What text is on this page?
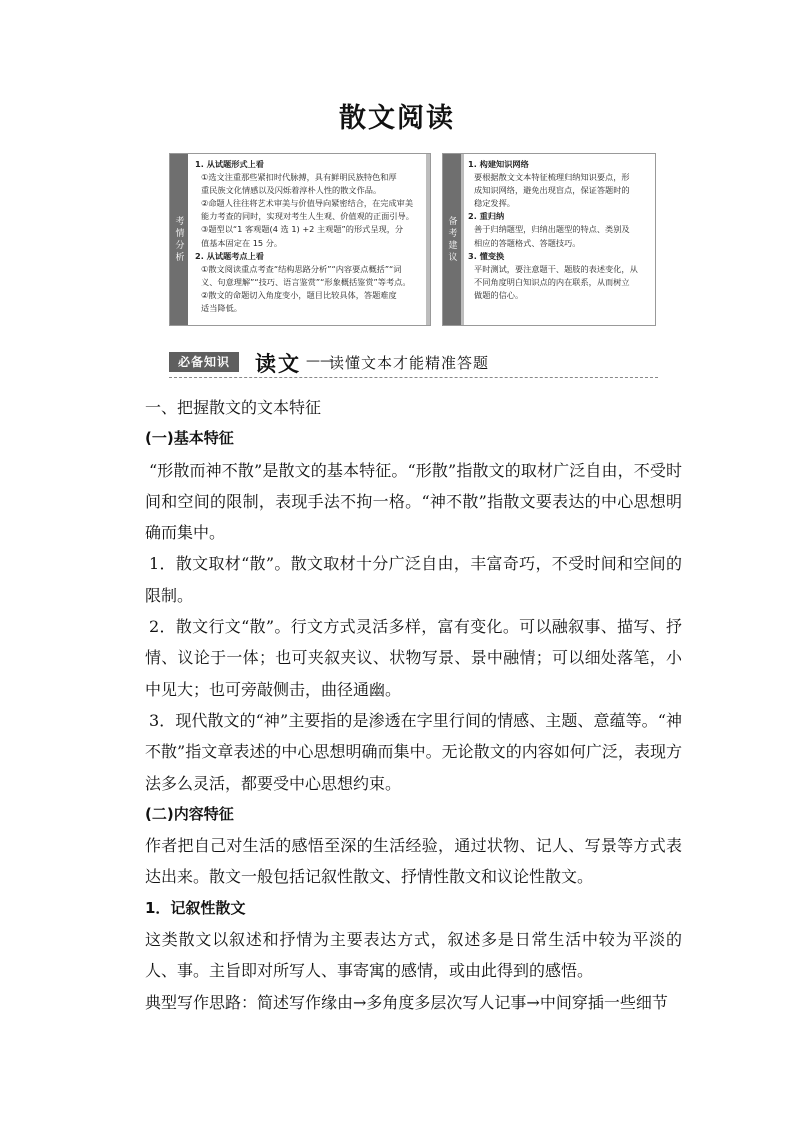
散文阅读
考情分析
1. 从试题形式上看
①选文注重那些紧扣时代脉搏，具有鲜明民族特色和厚
重民族文化情感以及闪烁着淳朴人性的散文作品。
②命题人往往将艺术审美与价值导向紧密结合，在完成审美
能力考查的同时，实现对考生人生观、价值观的正面引导。
③题型以“1 客观题(4 选 1) +2 主观题”的形式呈现，分
值基本固定在 15 分。
2. 从试题考点上看
①散文阅读重点考查“结构思路分析”“内容要点概括”“词
义、句意理解”“技巧、语言鉴赏”“形象概括鉴赏”等考点。
②散文的命题切入角度变小，题目比较具体，答题难度
适当降低。
备考建议
1. 构建知识网络
要根据散文文本特征梳理归纳知识要点，形
成知识网络，避免出现盲点，保证答题时的
稳定发挥。
2. 重归纳
善于归纳题型，归纳出题型的特点、类别及
相应的答题格式、答题技巧。
3. 懂变换
平时测试，要注意题干、题肢的表述变化，从
不同角度明白知识点的内在联系，从而树立
做题的信心。
必备知识	读文 ——
读懂文本才能精准答题

一、把握散文的文本特征

(一)基本特征

“形散而神不散”是散文的基本特征。“形散”指散文的取材广泛自由，不受时间和空间的限制，表现手法不拘一格。“神不散”指散文要表达的中心思想明确而集中。

1．散文取材“散”。散文取材十分广泛自由，丰富奇巧，不受时间和空间的限制。

2．散文行文“散”。行文方式灵活多样，富有变化。可以融叙事、描写、抒情、议论于一体；也可夹叙夹议、状物写景、景中融情；可以细处落笔，小中见大；也可旁敲侧击，曲径通幽。

3．现代散文的“神”主要指的是渗透在字里行间的情感、主题、意蕴等。“神不散”指文章表述的中心思想明确而集中。无论散文的内容如何广泛，表现方法多么灵活，都要受中心思想约束。

(二)内容特征

作者把自己对生活的感悟至深的生活经验，通过状物、记人、写景等方式表达出来。散文一般包括记叙性散文、抒情性散文和议论性散文。

1．记叙性散文

这类散文以叙述和抒情为主要表达方式，叙述多是日常生活中较为平淡的人、事。主旨即对所写人、事寄寓的感情，或由此得到的感悟。

典型写作思路：简述写作缘由→多角度多层次写人记事→中间穿插一些细节
